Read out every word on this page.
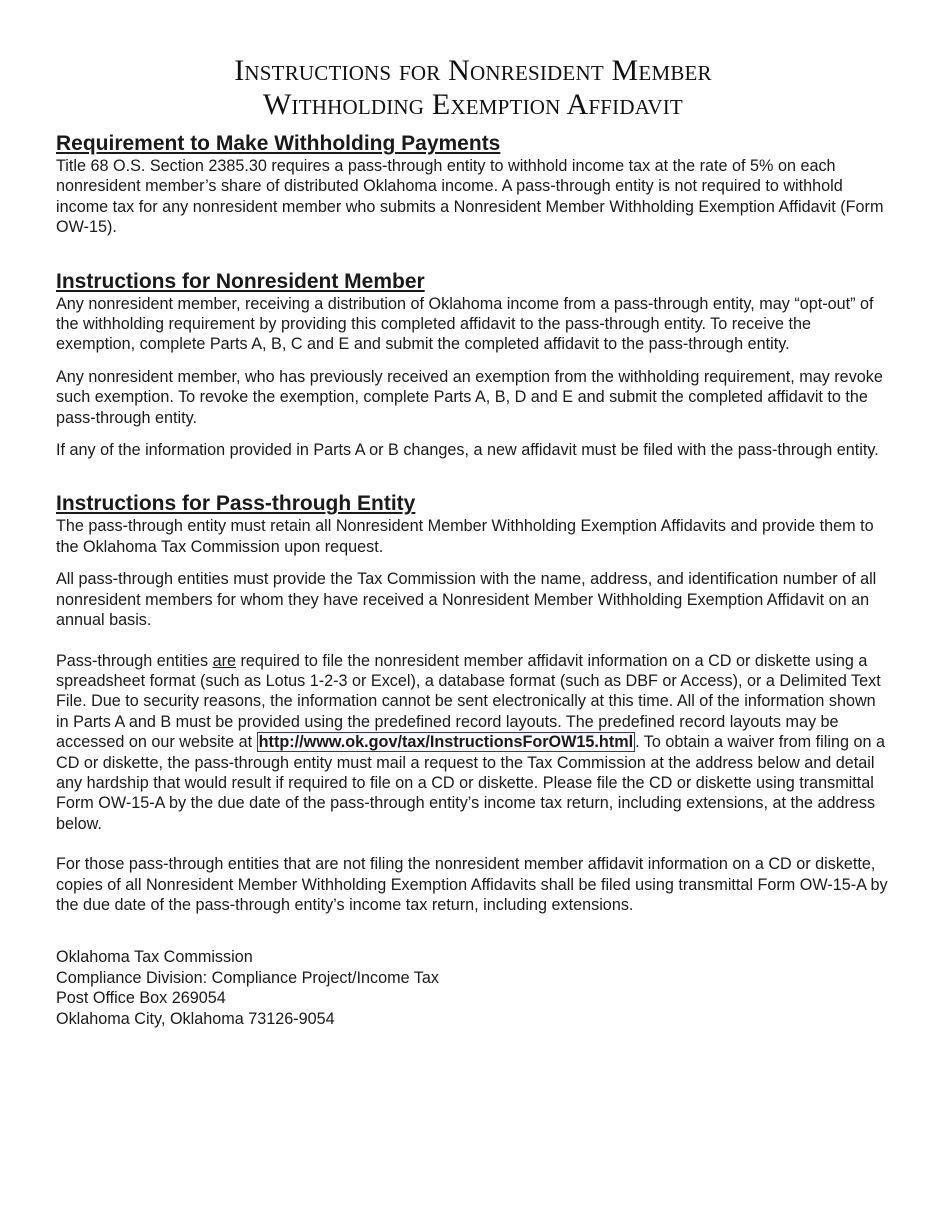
Instructions for Nonresident Member
Withholding Exemption Affidavit
Requirement to Make Withholding Payments

Title 68 O.S. Section 2385.30 requires a pass-through entity to withhold income tax at the rate of 5% on each nonresident member’s share of distributed Oklahoma income. A pass-through entity is not required to withhold income tax for any nonresident member who submits a Nonresident Member Withholding Exemption Affidavit (Form OW-15).

Instructions for Nonresident Member

Any nonresident member, receiving a distribution of Oklahoma income from a pass-through entity, may “opt-out” of the withholding requirement by providing this completed affidavit to the pass-through entity. To receive the exemption, complete Parts A, B, C and E and submit the completed affidavit to the pass-through entity.

Any nonresident member, who has previously received an exemption from the withholding requirement, may revoke such exemption. To revoke the exemption, complete Parts A, B, D and E and submit the completed affidavit to the pass-through entity.

If any of the information provided in Parts A or B changes, a new affidavit must be filed with the pass-through entity.

Instructions for Pass-through Entity

The pass-through entity must retain all Nonresident Member Withholding Exemption Affidavits and provide them to the Oklahoma Tax Commission upon request.

All pass-through entities must provide the Tax Commission with the name, address, and identification number of all nonresident members for whom they have received a Nonresident Member Withholding Exemption Affidavit on an annual basis.

Pass-through entities are required to file the nonresident member affidavit information on a CD or diskette using a spreadsheet format (such as Lotus 1-2-3 or Excel), a database format (such as DBF or Access), or a Delimited Text File. Due to security reasons, the information cannot be sent electronically at this time. All of the information shown in Parts A and B must be provided using the predefined record layouts. The predefined record layouts may be accessed on our website at http://www.ok.gov/tax/InstructionsForOW15.html . To obtain a waiver from filing on a CD or diskette, the pass-through entity must mail a request to the Tax Commission at the address below and detail any hardship that would result if required to file on a CD or diskette. Please file the CD or diskette using transmittal Form OW-15-A by the due date of the pass-through entity’s income tax return, including extensions, at the address below.

For those pass-through entities that are not filing the nonresident member affidavit information on a CD or diskette, copies of all Nonresident Member Withholding Exemption Affidavits shall be filed using transmittal Form OW-15-A by the due date of the pass-through entity’s income tax return, including extensions.

Oklahoma Tax Commission

Compliance Division: Compliance Project/Income Tax

Post Office Box 269054

Oklahoma City, Oklahoma 73126-9054
